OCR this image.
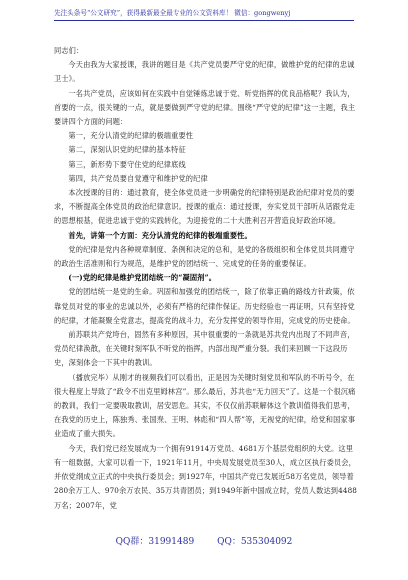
先注头条号“公文研究”，获得最新最全最专业的公文资料库！ 微信：gongwenyj

同志们：

今天由我为大家授课，我讲的题目是《共产党员要严守党的纪律，做维护党的纪律的忠诚卫士》。

一名共产党员，应该如何在实践中自觉锤炼忠诚于党、听党指挥的优良品格呢？我认为，首要的一点，很关键的一点，就是要做到严守党的纪律。围绕“严守党的纪律”这一主题，我主要讲四个方面的问题：

第一，充分认清党的纪律的极端重要性

第二，深刻认识党的纪律的基本特征

第三，新形势下要守住党的纪律底线

第四，共产党员要自觉遵守和维护党的纪律

本次授课的目的：通过教育，使全体党员进一步明确党的纪律特别是政治纪律对党员的要求，不断提高全体党员的政治纪律意识。授课的重点：通过授课，夯实党员干部听从话跟党走的思想根基，促进忠诚于党的实践转化，为迎接党的二十大胜利召开营造良好政治环境。

首先，讲第一个方面：充分认清党的纪律的极端重要性。

党的纪律是党内各种规章制度、条例和决定的总和，是党的各级组织和全体党员共同遵守的政治生活准则和行为规范，是维护党的团结统一、完成党的任务的重要保证。

(一)党的纪律是维护党团结统一的“凝固剂”。

党的团结统一是党的生命。巩固和加强党的团结统一，除了依靠正确的路线方针政策，依靠党员对党的事业的忠诚以外，必须有严格的纪律作保证。历史经验也一再证明，只有坚持党的纪律，才能凝聚全党意志，提高党的战斗力，充分发挥党的领导作用，完成党的历史使命。

前苏联共产党垮台，固然有多种原因，其中很重要的一条就是苏共党内出现了不同声音，党员纪律涣散，在关键时刻军队不听党的指挥，内部出现严重分裂。我们来回顾一下这段历史，深刻体会一下其中的教训。

（播放完毕）从刚才的视频我们可以看出，正是因为关键时刻党员和军队的不听号令，在很大程度上导致了“政令不出克里姆林宫”。那么最后，苏共也“无力回天”了。这是一个很沉痛的教训，我们一定要吸取教训，居安思危。其实，不仅仅前苏联解体这个教训值得我们思考，在我党的历史上，陈独秀、张国焘、王明、林彪和“四人帮”等，无视党的纪律，给党和国家事业造成了重大损失。

今天，我们党已经发展成为一个拥有91914万党员、4681万个基层党组织的大党。这里有一组数据，大家可以看一下，1921年11月，中央局发展党员至30人，成立区执行委员会，并依党纲成立正式的中央执行委员会；到1927年，中国共产党已发展近58万名党员，领导着280余万工人、970余万农民、35万共青团员；到1949年新中国成立时，党员人数达到4488万名；2007年，党

QQ群：31991489	QQ：535304092
